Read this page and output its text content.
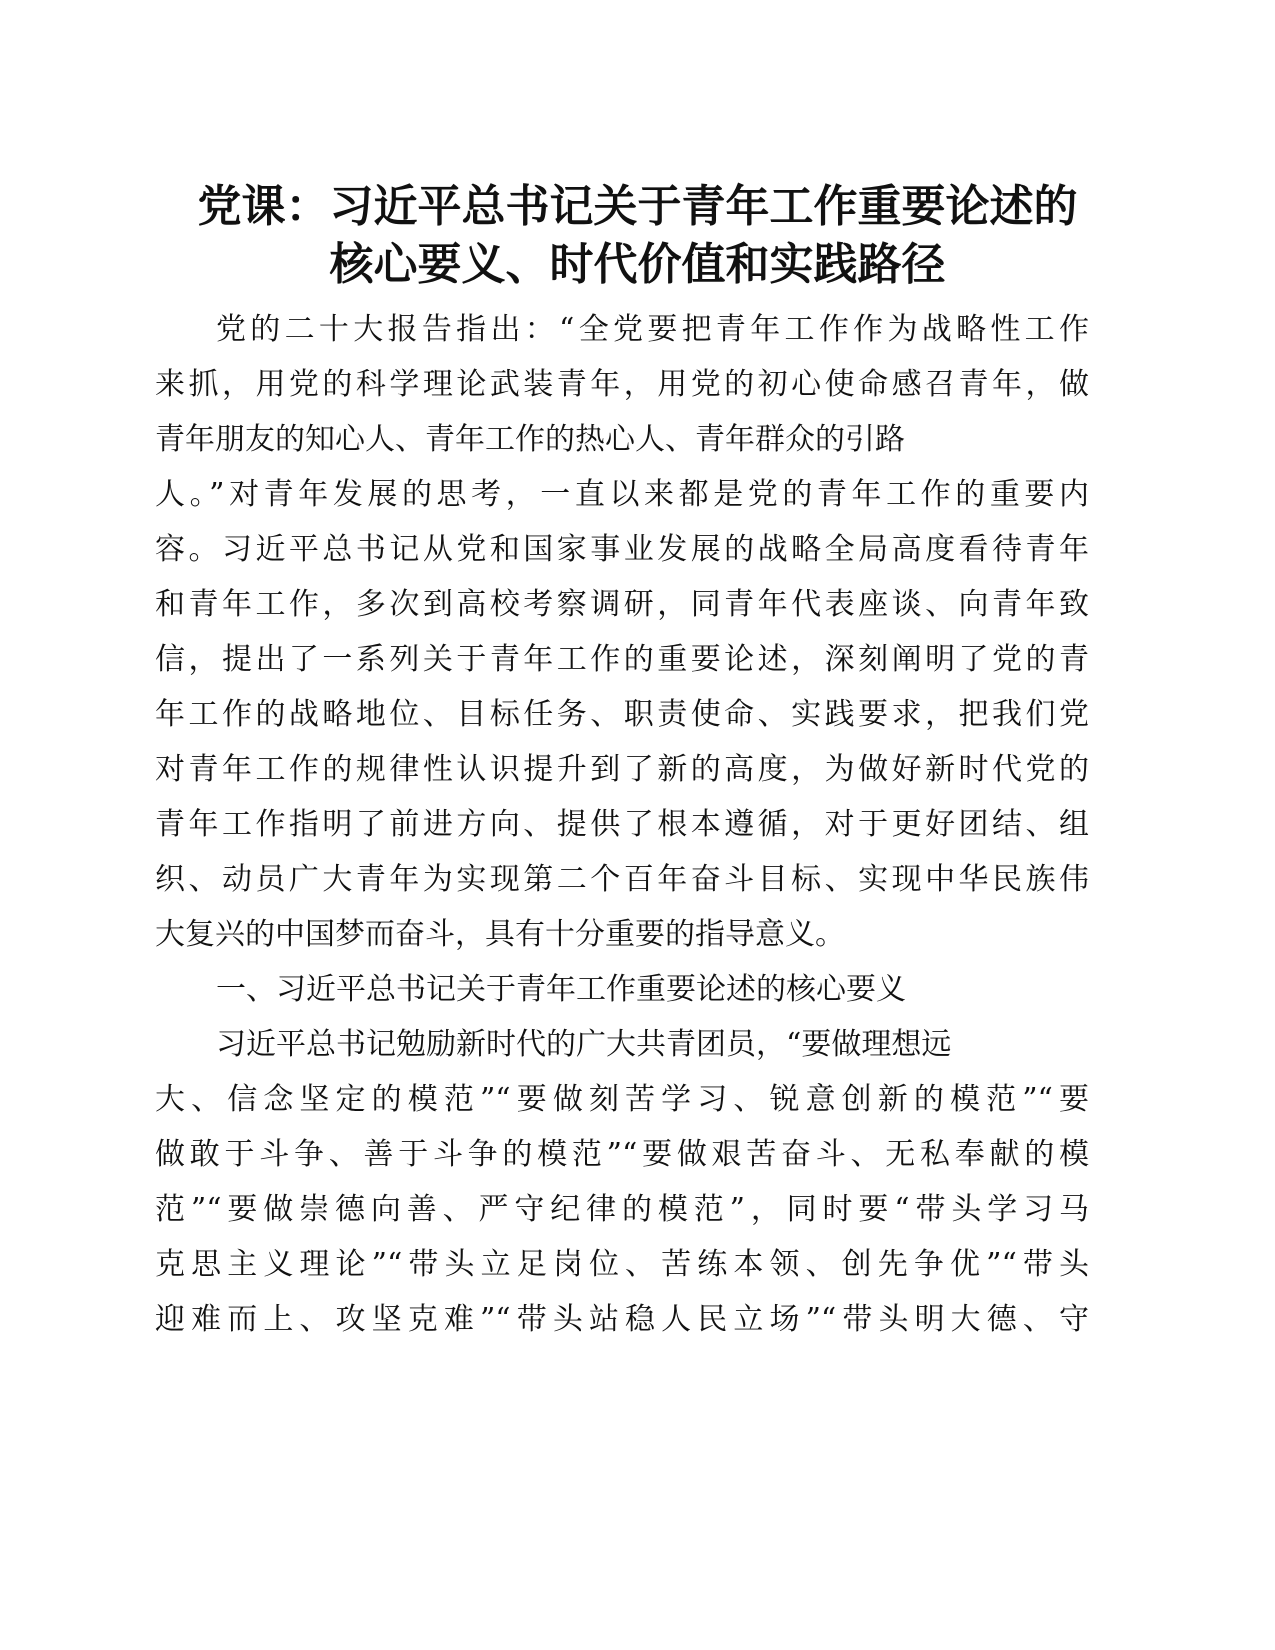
党课：习近平总书记关于青年工作重要论述的
核心要义、时代价值和实践路径
党的二十大报告指出：“全党要把青年工作作为战略性工作
来抓，用党的科学理论武装青年，用党的初心使命感召青年，做
青年朋友的知心人、青年工作的热心人、青年群众的引路
人。”对青年发展的思考，一直以来都是党的青年工作的重要内
容。习近平总书记从党和国家事业发展的战略全局高度看待青年
和青年工作，多次到高校考察调研，同青年代表座谈、向青年致
信，提出了一系列关于青年工作的重要论述，深刻阐明了党的青
年工作的战略地位、目标任务、职责使命、实践要求，把我们党
对青年工作的规律性认识提升到了新的高度，为做好新时代党的
青年工作指明了前进方向、提供了根本遵循，对于更好团结、组
织、动员广大青年为实现第二个百年奋斗目标、实现中华民族伟
大复兴的中国梦而奋斗，具有十分重要的指导意义。
一、习近平总书记关于青年工作重要论述的核心要义
习近平总书记勉励新时代的广大共青团员，“要做理想远
大、信念坚定的模范”“要做刻苦学习、锐意创新的模范”“要
做敢于斗争、善于斗争的模范”“要做艰苦奋斗、无私奉献的模
范”“要做崇德向善、严守纪律的模范”，同时要“带头学习马
克思主义理论”“带头立足岗位、苦练本领、创先争优”“带头
迎难而上、攻坚克难”“带头站稳人民立场”“带头明大德、守
